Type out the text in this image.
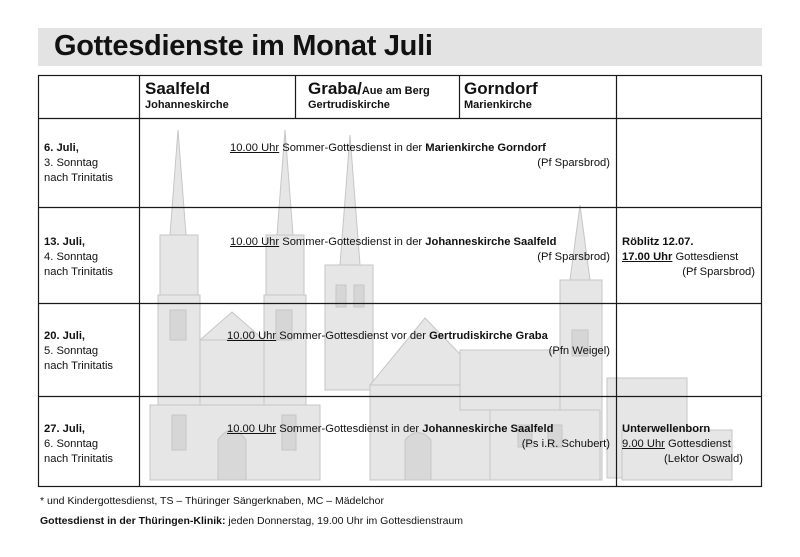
Gottesdienste im Monat Juli
Saalfeld
Johanneskirche
Graba/Aue am Berg
Gertrudiskirche
Gorndorf
Marienkirche
6. Juli,
3. Sonntag
nach Trinitatis
10.00 Uhr Sommer-Gottesdienst in der Marienkirche Gorndorf
(Pf Sparsbrod)
13. Juli,
4. Sonntag
nach Trinitatis
10.00 Uhr Sommer-Gottesdienst in der Johanneskirche Saalfeld
(Pf Sparsbrod)
Röblitz 12.07.
17.00 Uhr Gottesdienst
(Pf Sparsbrod)
20. Juli,
5. Sonntag
nach Trinitatis
10.00 Uhr Sommer-Gottesdienst vor der Gertrudiskirche Graba
(Pfn Weigel)
27. Juli,
6. Sonntag
nach Trinitatis
10.00 Uhr Sommer-Gottesdienst in der Johanneskirche Saalfeld
(Ps i.R. Schubert)
Unterwellenborn
9.00 Uhr Gottesdienst
(Lektor Oswald)
* und Kindergottesdienst, TS – Thüringer Sängerknaben, MC – Mädelchor
Gottesdienst in der Thüringen-Klinik: jeden Donnerstag, 19.00 Uhr im Gottesdienstraum
